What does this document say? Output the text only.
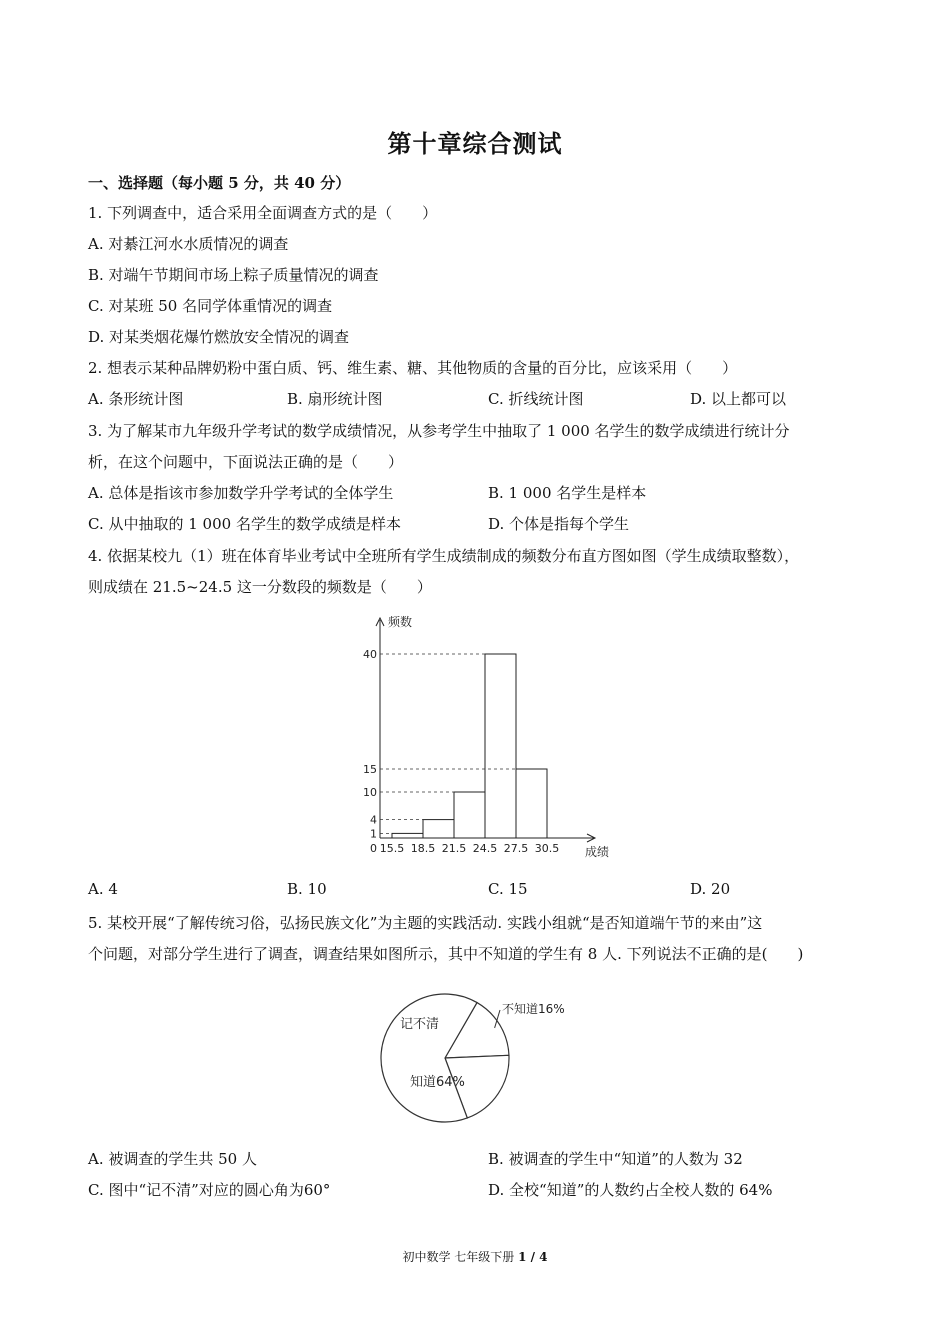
第十章综合测试
一、选择题（每小题 5 分，共 40 分）
1. 下列调查中，适合采用全面调查方式的是（　　）
A. 对綦江河水水质情况的调查
B. 对端午节期间市场上粽子质量情况的调查
C. 对某班 50 名同学体重情况的调查
D. 对某类烟花爆竹燃放安全情况的调查
2. 想表示某种品牌奶粉中蛋白质、钙、维生素、糖、其他物质的含量的百分比，应该采用（　　）
A. 条形统计图	B. 扇形统计图	C. 折线统计图	D. 以上都可以
3. 为了解某市九年级升学考试的数学成绩情况，从参考学生中抽取了 1 000 名学生的数学成绩进行统计分
析，在这个问题中，下面说法正确的是（　　）
A. 总体是指该市参加数学升学考试的全体学生	B. 1 000 名学生是样本
C. 从中抽取的 1 000 名学生的数学成绩是样本	D. 个体是指每个学生
4. 依据某校九（1）班在体育毕业考试中全班所有学生成绩制成的频数分布直方图如图（学生成绩取整数），
则成绩在 21.5~24.5 这一分数段的频数是（　　）
频数
成绩
0
1
4
10
15
40
15.5 18.5 21.5 24.5 27.5 30.5
A. 4	B. 10	C. 15	D. 20
5. 某校开展“了解传统习俗，弘扬民族文化”为主题的实践活动. 实践小组就“是否知道端午节的来由”这
个问题，对部分学生进行了调查，调查结果如图所示，其中不知道的学生有 8 人. 下列说法不正确的是(　　)
不知道16%
记不清
知道64%
A. 被调查的学生共 50 人	B. 被调查的学生中“知道”的人数为 32
C. 图中“记不清”对应的圆心角为60°	D. 全校“知道”的人数约占全校人数的 64%
初中数学 七年级下册 1 / 4
